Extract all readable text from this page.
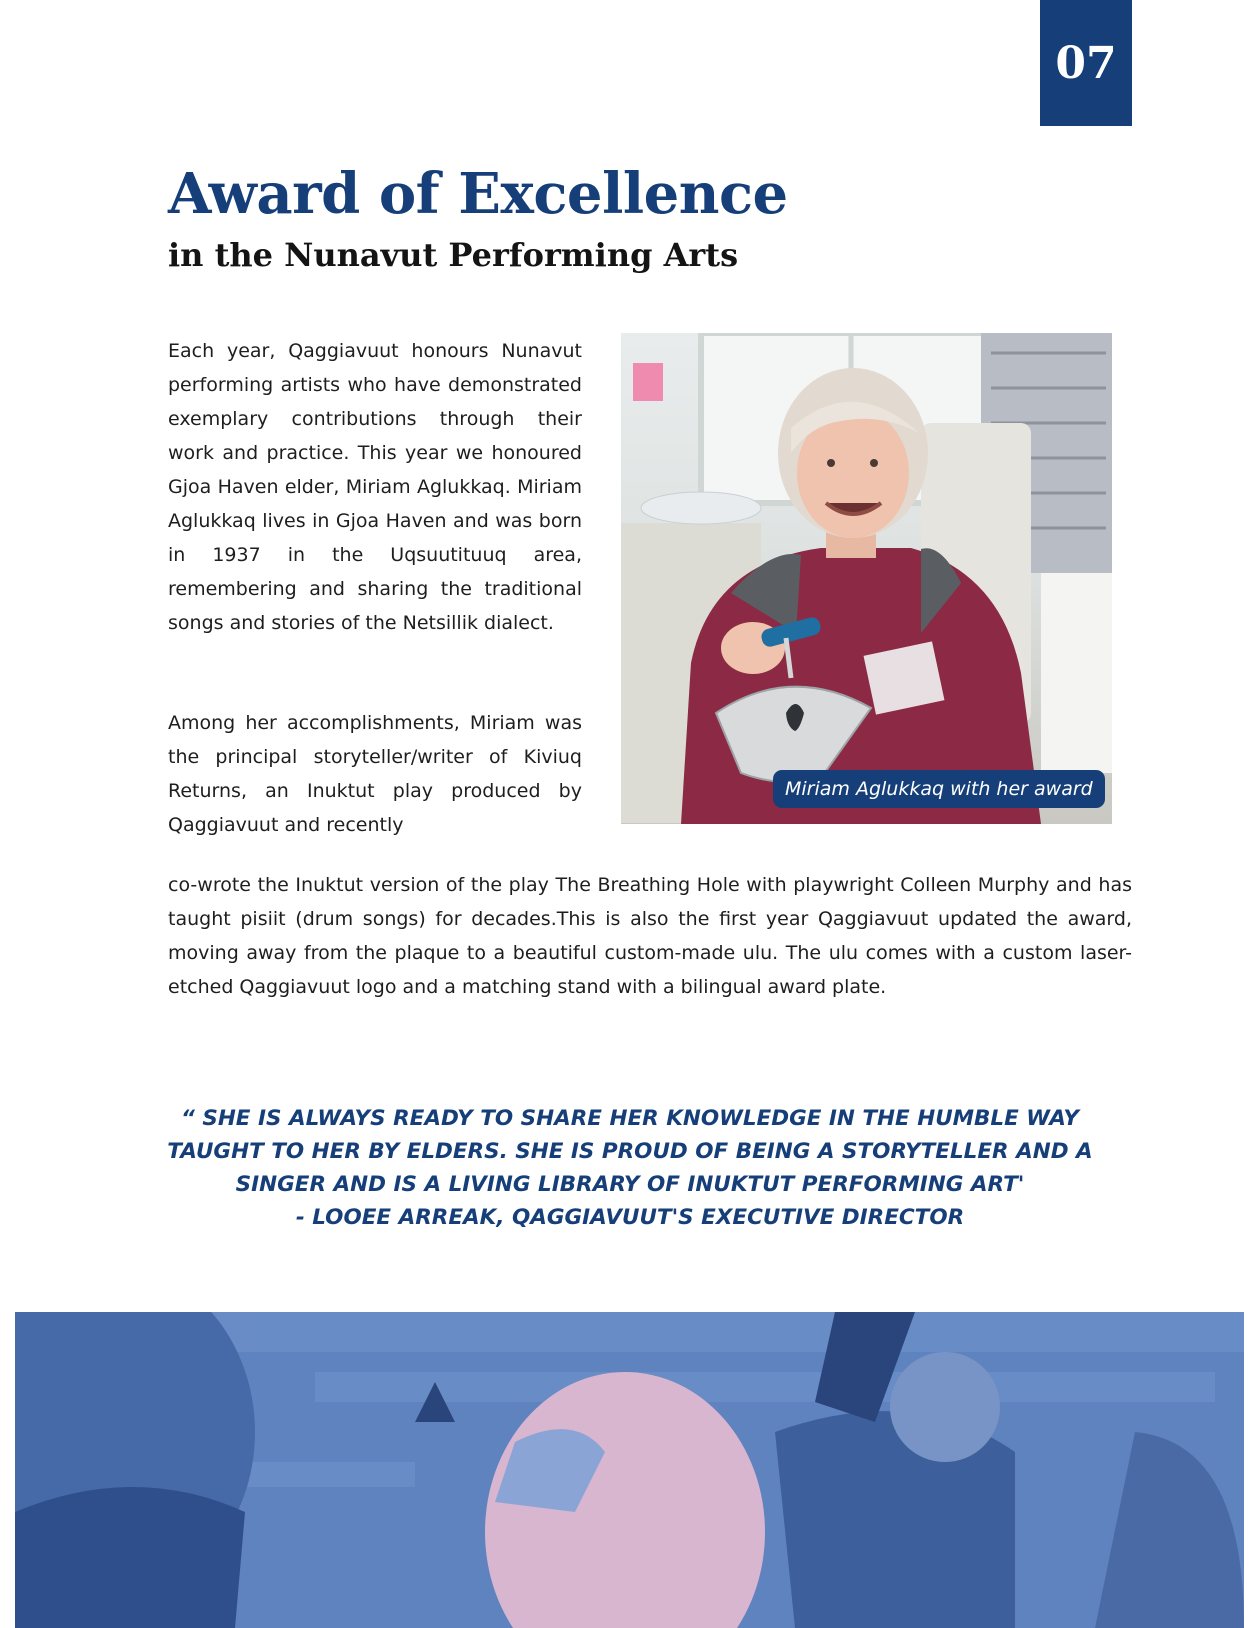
07
Award of Excellence
in the Nunavut Performing Arts

Each year, Qaggiavuut honours Nunavut performing artists who have demonstrated exemplary contributions through their work and practice. This year we honoured Gjoa Haven elder, Miriam Aglukkaq. Miriam Aglukkaq lives in Gjoa Haven and was born in 1937 in the Uqsuutituuq area, remembering and sharing the traditional songs and stories of the Netsillik dialect.

Among her accomplishments, Miriam was the principal storyteller/writer of Kiviuq Returns, an Inuktut play produced by Qaggiavuut and recently

Miriam Aglukkaq with her award

co-wrote the Inuktut version of the play The Breathing Hole with playwright Colleen Murphy and has taught pisiit (drum songs) for decades.This is also the first year Qaggiavuut updated the award, moving away from the plaque to a beautiful custom-made ulu. The ulu comes with a custom laser-etched Qaggiavuut logo and a matching stand with a bilingual award plate.

“ SHE IS ALWAYS READY TO SHARE HER KNOWLEDGE IN THE HUMBLE WAY
TAUGHT TO HER BY ELDERS. SHE IS PROUD OF BEING A STORYTELLER AND A
SINGER AND IS A LIVING LIBRARY OF INUKTUT PERFORMING ART'
- LOOEE ARREAK, QAGGIAVUUT'S EXECUTIVE DIRECTOR
